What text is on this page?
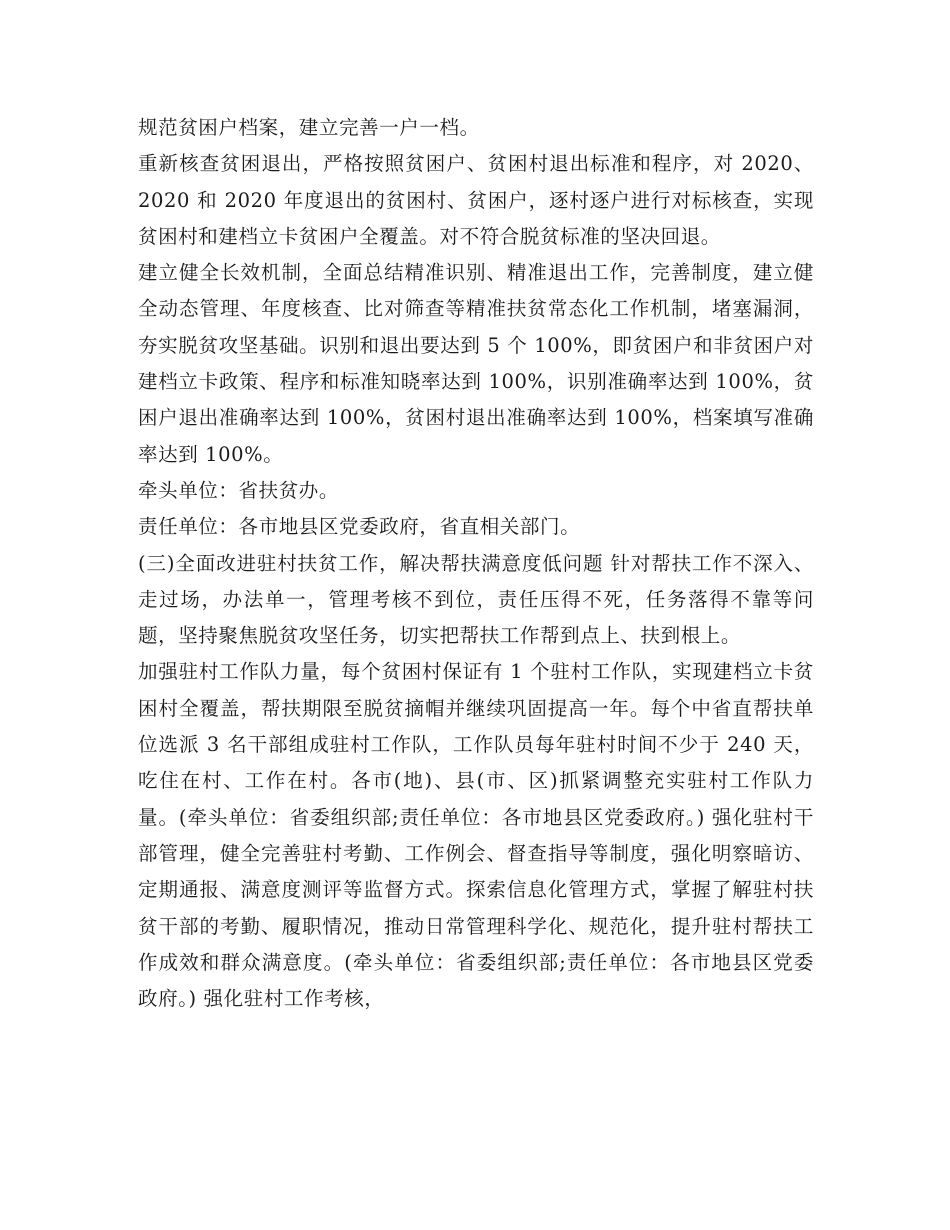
规范贫困户档案，建立完善一户一档。

重新核查贫困退出，严格按照贫困户、贫困村退出标准和程序，对 2020、2020 和 2020 年度退出的贫困村、贫困户，逐村逐户进行对标核查，实现贫困村和建档立卡贫困户全覆盖。对不符合脱贫标准的坚决回退。

建立健全长效机制，全面总结精准识别、精准退出工作，完善制度，建立健全动态管理、年度核查、比对筛查等精准扶贫常态化工作机制，堵塞漏洞，夯实脱贫攻坚基础。识别和退出要达到 5 个 100%，即贫困户和非贫困户对建档立卡政策、程序和标准知晓率达到 100%，识别准确率达到 100%，贫困户退出准确率达到 100%，贫困村退出准确率达到 100%，档案填写准确率达到 100%。

牵头单位：省扶贫办。

责任单位：各市地县区党委政府，省直相关部门。

(三)全面改进驻村扶贫工作，解决帮扶满意度低问题 针对帮扶工作不深入、走过场，办法单一，管理考核不到位，责任压得不死，任务落得不靠等问题，坚持聚焦脱贫攻坚任务，切实把帮扶工作帮到点上、扶到根上。

加强驻村工作队力量，每个贫困村保证有 1 个驻村工作队，实现建档立卡贫困村全覆盖，帮扶期限至脱贫摘帽并继续巩固提高一年。每个中省直帮扶单位选派 3 名干部组成驻村工作队，工作队员每年驻村时间不少于 240 天，吃住在村、工作在村。各市(地)、县(市、区)抓紧调整充实驻村工作队力量。(牵头单位：省委组织部;责任单位：各市地县区党委政府。) 强化驻村干部管理，健全完善驻村考勤、工作例会、督查指导等制度，强化明察暗访、定期通报、满意度测评等监督方式。探索信息化管理方式，掌握了解驻村扶贫干部的考勤、履职情况，推动日常管理科学化、规范化，提升驻村帮扶工作成效和群众满意度。(牵头单位：省委组织部;责任单位：各市地县区党委政府。) 强化驻村工作考核，
